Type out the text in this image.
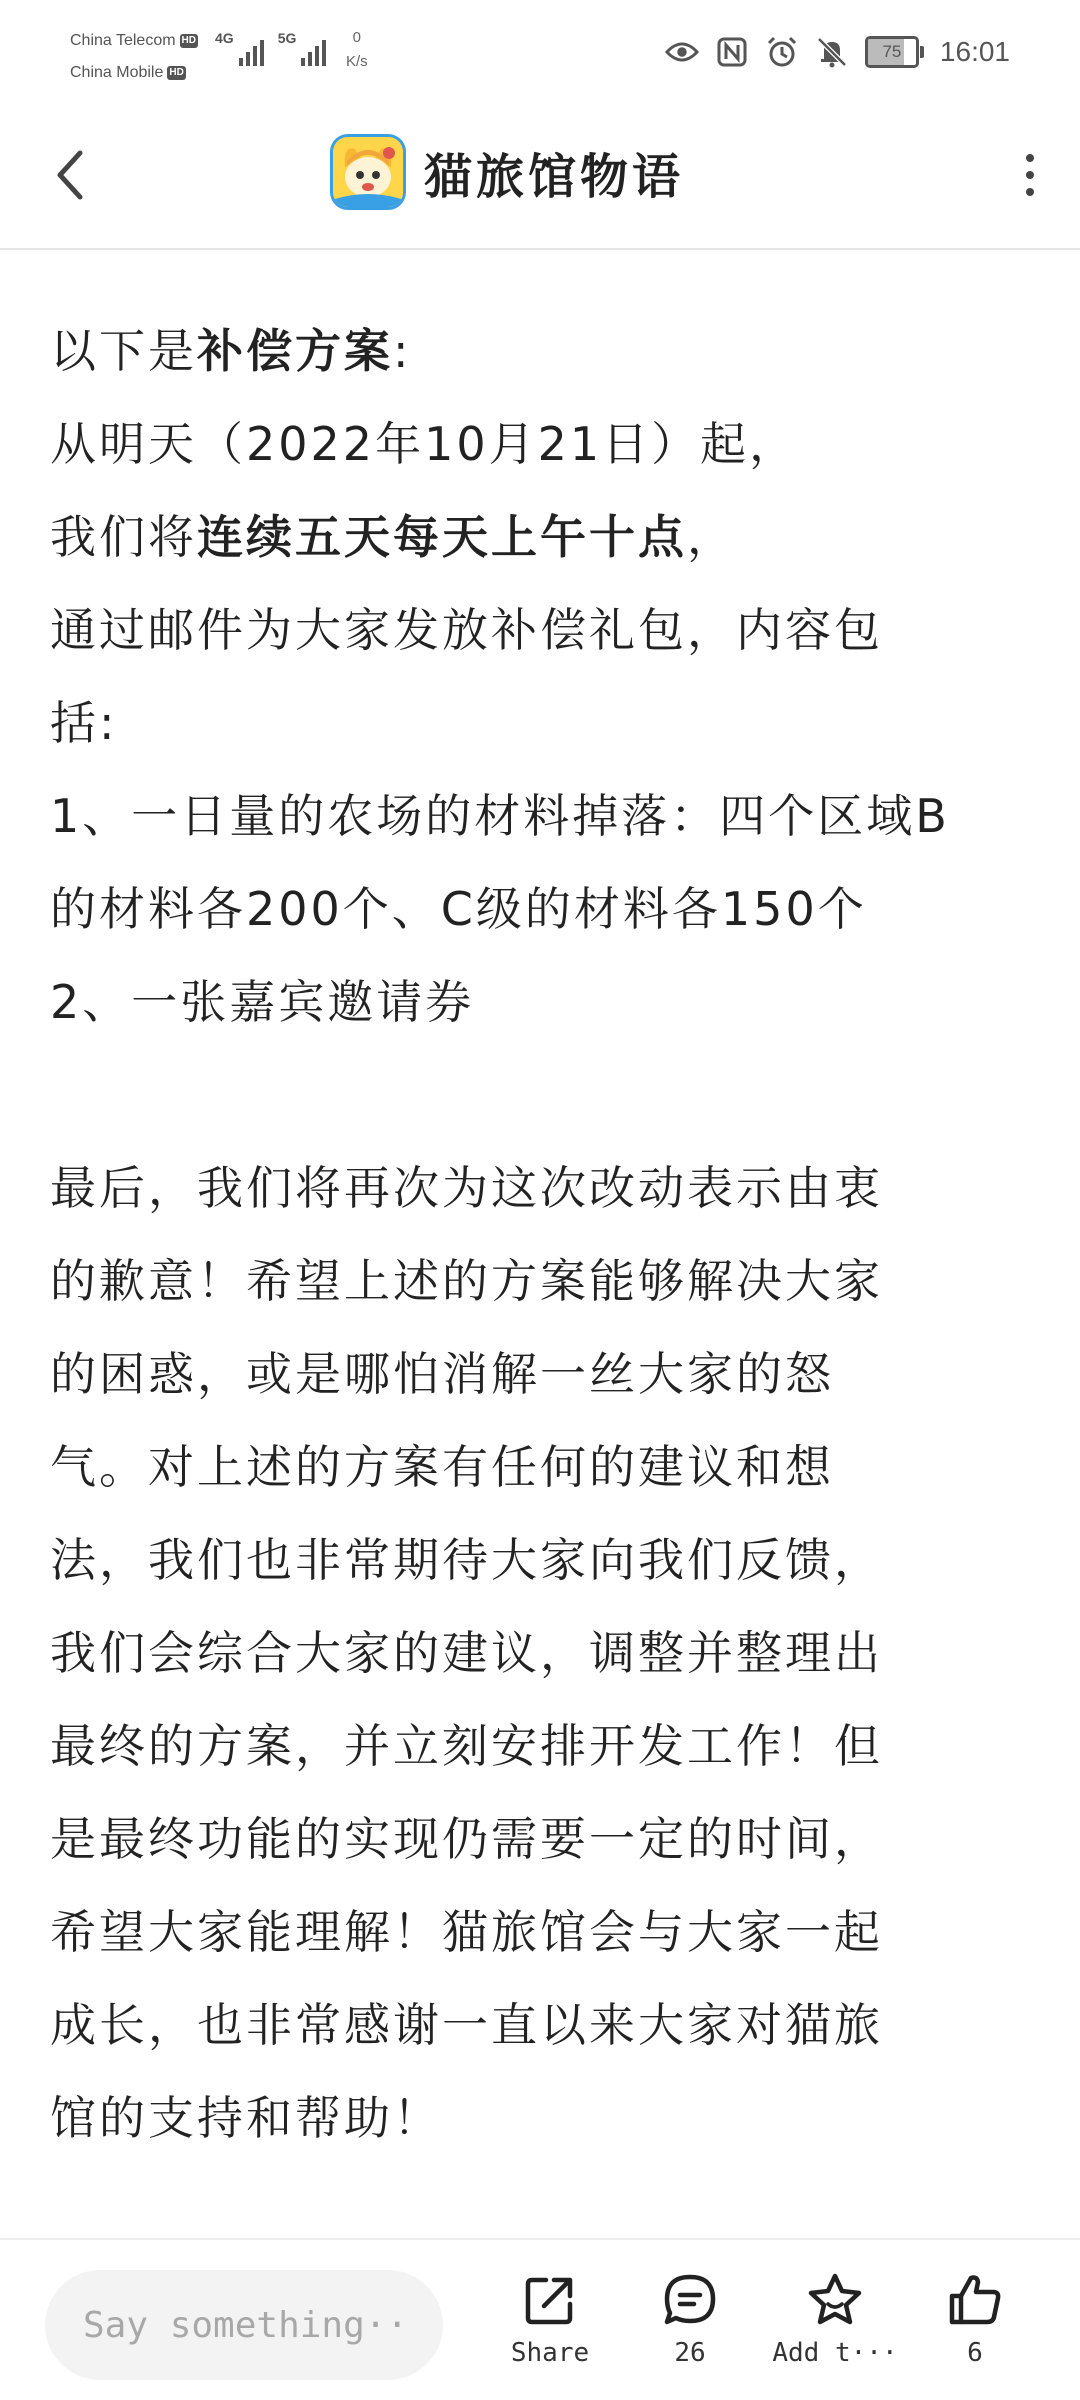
China Telecom HD
China Mobile HD
4G	5G	0
K/s
75	16:01
猫旅馆物语
以下是补偿方案:
从明天（2022年10月21日）起，
我们将连续五天每天上午十点，
通过邮件为大家发放补偿礼包，内容包
括:
1、一日量的农场的材料掉落：四个区域B
的材料各200个、C级的材料各150个
2、一张嘉宾邀请券
最后，我们将再次为这次改动表示由衷
的歉意！希望上述的方案能够解决大家
的困惑，或是哪怕消解一丝大家的怒
气。对上述的方案有任何的建议和想
法，我们也非常期待大家向我们反馈，
我们会综合大家的建议，调整并整理出
最终的方案，并立刻安排开发工作！但
是最终功能的实现仍需要一定的时间，
希望大家能理解！猫旅馆会与大家一起
成长，也非常感谢一直以来大家对猫旅
馆的支持和帮助！
Say something···
Share	26	Add t···	6
